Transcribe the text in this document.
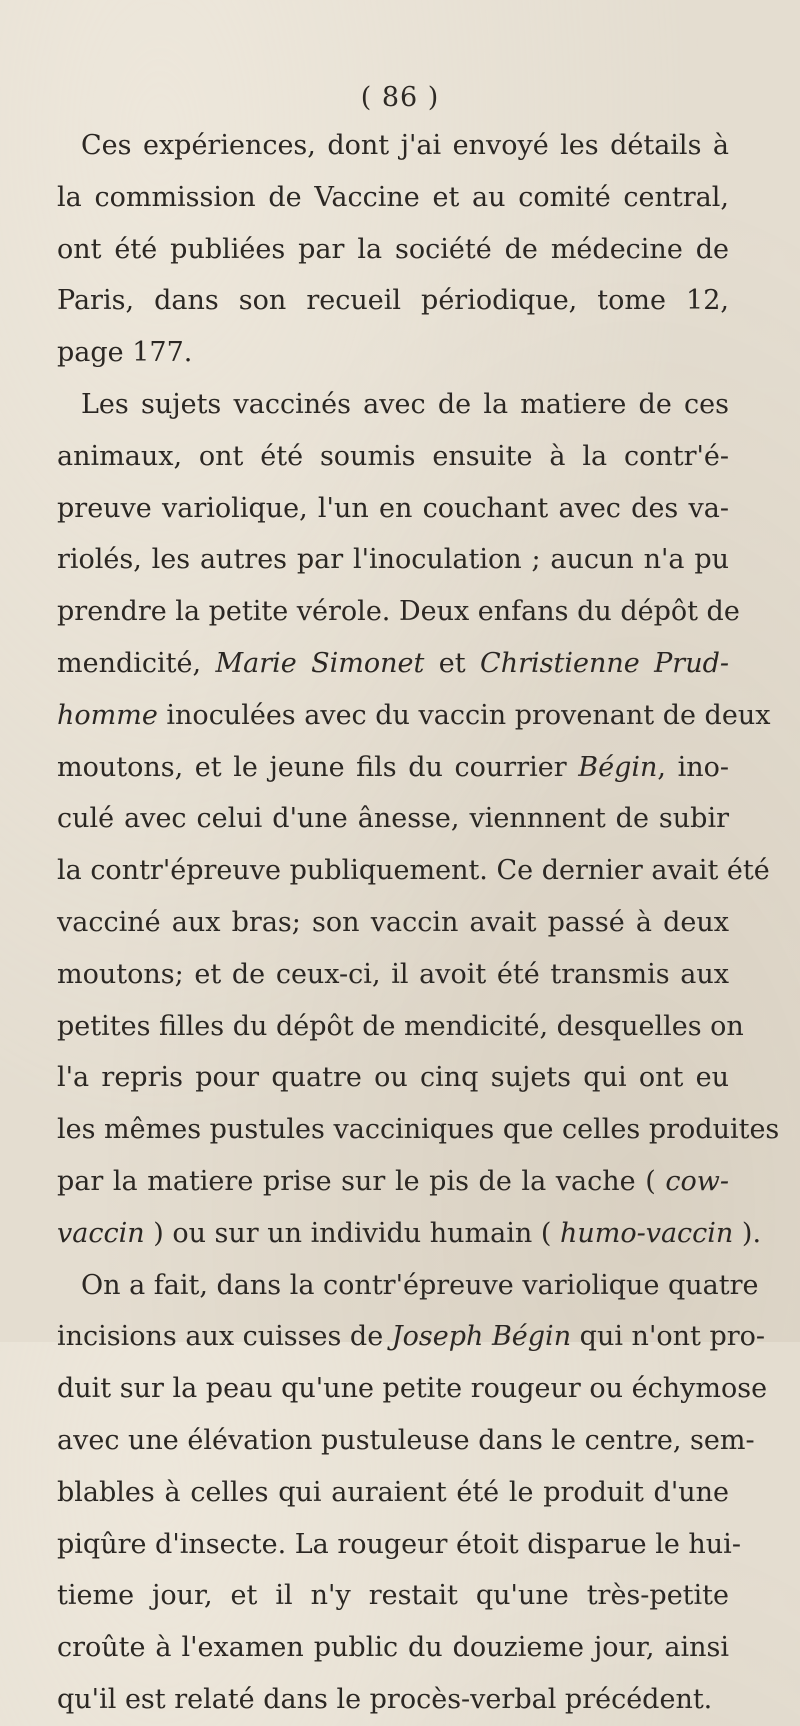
( 86 )
Ces expériences, dont j'ai envoyé les détails à
la commission de Vaccine et au comité central,
ont été publiées par la société de médecine de
Paris, dans son recueil périodique, tome 12,
page 177.
Les sujets vaccinés avec de la matiere de ces
animaux, ont été soumis ensuite à la contr'é-
preuve variolique, l'un en couchant avec des va-
riolés, les autres par l'inoculation ; aucun n'a pu
prendre la petite vérole. Deux enfans du dépôt de
mendicité, Marie Simonet et Christienne Prud-
homme inoculées avec du vaccin provenant de deux
moutons, et le jeune fils du courrier Bégin, ino-
culé avec celui d'une ânesse, viennnent de subir
la contr'épreuve publiquement. Ce dernier avait été
vacciné aux bras; son vaccin avait passé à deux
moutons; et de ceux-ci, il avoit été transmis aux
petites filles du dépôt de mendicité, desquelles on
l'a repris pour quatre ou cinq sujets qui ont eu
les mêmes pustules vacciniques que celles produites
par la matiere prise sur le pis de la vache ( cow-
vaccin ) ou sur un individu humain ( humo-vaccin ).
On a fait, dans la contr'épreuve variolique quatre
incisions aux cuisses de Joseph Bégin qui n'ont pro-
duit sur la peau qu'une petite rougeur ou échymose
avec une élévation pustuleuse dans le centre, sem-
blables à celles qui auraient été le produit d'une
piqûre d'insecte. La rougeur étoit disparue le hui-
tieme jour, et il n'y restait qu'une très-petite
croûte à l'examen public du douzieme jour, ainsi
qu'il est relaté dans le procès-verbal précédent.
